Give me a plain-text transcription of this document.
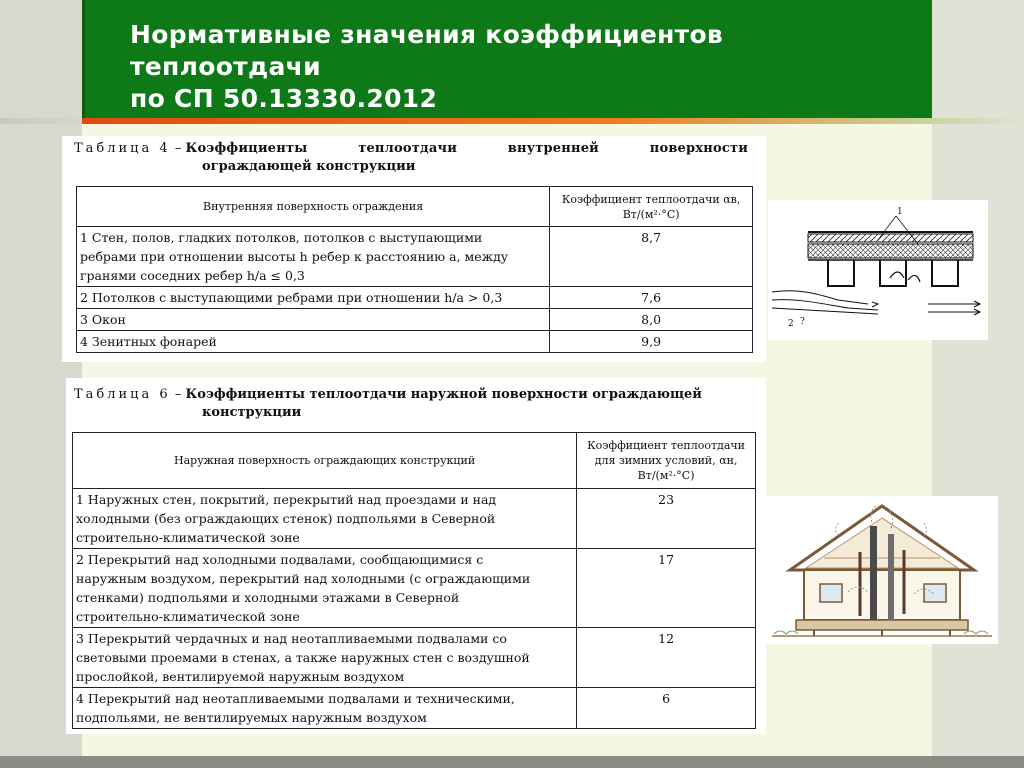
Нормативные значения коэффициентов
теплоотдачи
по СП 50.13330.2012
Таблица 4 – Коэффициенты теплоотдачи внутренней поверхности
ограждающей конструкции
Внутренняя поверхность ограждения	Коэффициент теплоотдачи αв,
Вт/(м²·°С)

1 Стен, полов, гладких потолков, потолков с выступающими
ребрами при отношении высоты h ребер к расстоянию a, между
гранями соседних ребер h/a ≤ 0,3	8,7

2 Потолков с выступающими ребрами при отношении h/a > 0,3	7,6

3 Окон	8,0

4 Зенитных фонарей	9,9
1
2 ?
Таблица 6 – Коэффициенты теплоотдачи наружной поверхности ограждающей
конструкции
Наружная поверхность ограждающих конструкций	Коэффициент теплоотдачи
для зимних условий, αн,
Вт/(м²·°С)

1 Наружных стен, покрытий, перекрытий над проездами и над
холодными (без ограждающих стенок) подпольями в Северной
строительно-климатической зоне	23

2 Перекрытий над холодными подвалами, сообщающимися с
наружным воздухом, перекрытий над холодными (с ограждающими
стенками) подпольями и холодными этажами в Северной
строительно-климатической зоне	17

3 Перекрытий чердачных и над неотапливаемыми подвалами со
световыми проемами в стенах, а также наружных стен с воздушной
прослойкой, вентилируемой наружным воздухом	12

4 Перекрытий над неотапливаемыми подвалами и техническими,
подпольями, не вентилируемых наружным воздухом	6
